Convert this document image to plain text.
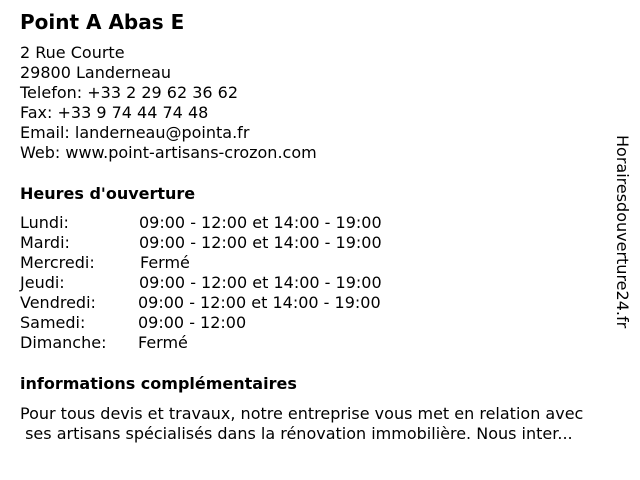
Point A Abas E
2 Rue Courte
29800 Landerneau
Telefon: +33 2 29 62 36 62
Fax: +33 9 74 44 74 48
Email: landerneau@pointa.fr
Web: www.point-artisans-crozon.com
Heures d'ouverture
Lundi:	09:00 - 12:00 et 14:00 - 19:00
Mardi:	09:00 - 12:00 et 14:00 - 19:00
Mercredi:	Fermé
Jeudi:	09:00 - 12:00 et 14:00 - 19:00
Vendredi:	09:00 - 12:00 et 14:00 - 19:00
Samedi:	09:00 - 12:00
Dimanche: Fermé
informations complémentaires
Pour tous devis et travaux, notre entreprise vous met en relation avec
ses artisans spécialisés dans la rénovation immobilière. Nous inter...
Horairesdouverture24.fr
